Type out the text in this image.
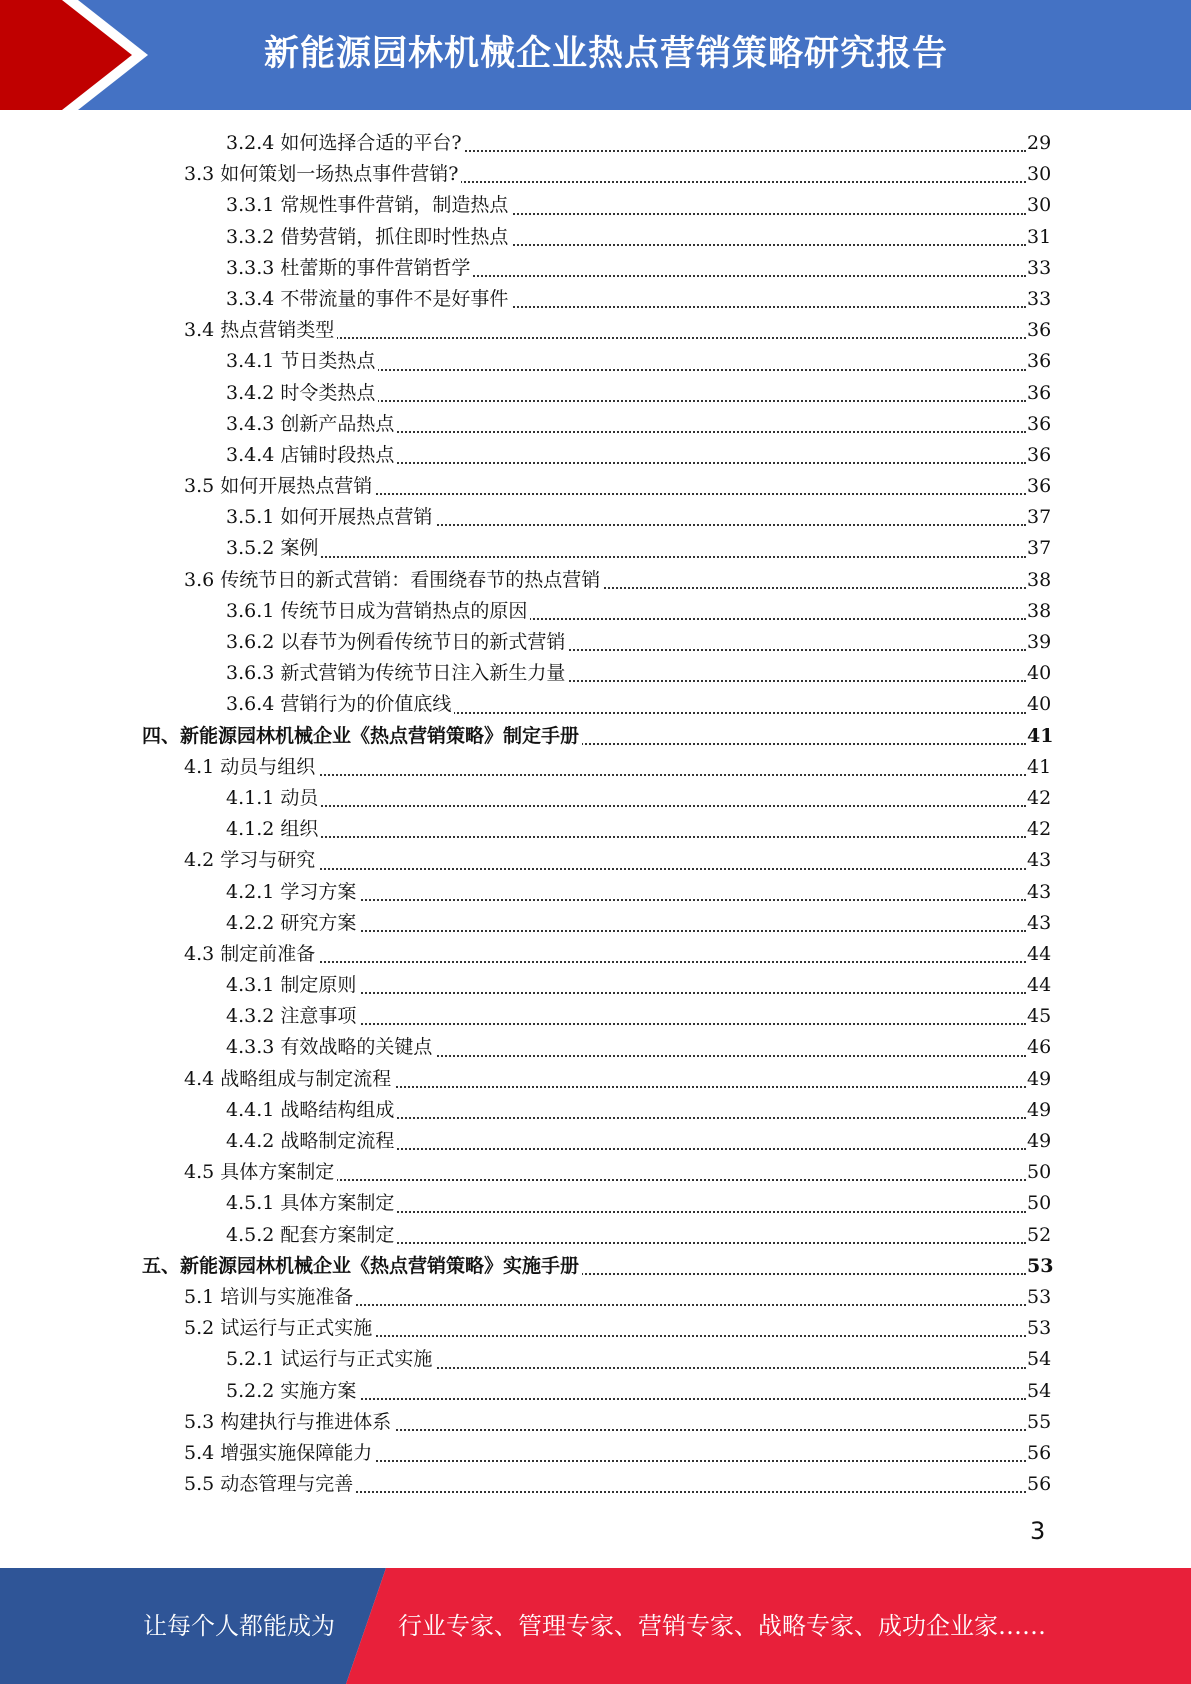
新能源园林机械企业热点营销策略研究报告
3.2.4 如何选择合适的平台?	29
3.3 如何策划一场热点事件营销?	30
3.3.1 常规性事件营销，制造热点	30
3.3.2 借势营销，抓住即时性热点	31
3.3.3 杜蕾斯的事件营销哲学	33
3.3.4 不带流量的事件不是好事件	33
3.4 热点营销类型	36
3.4.1 节日类热点	36
3.4.2 时令类热点	36
3.4.3 创新产品热点	36
3.4.4 店铺时段热点	36
3.5 如何开展热点营销	36
3.5.1 如何开展热点营销	37
3.5.2 案例	37
3.6 传统节日的新式营销：看围绕春节的热点营销	38
3.6.1 传统节日成为营销热点的原因	38
3.6.2 以春节为例看传统节日的新式营销	39
3.6.3 新式营销为传统节日注入新生力量	40
3.6.4 营销行为的价值底线	40
四、新能源园林机械企业《热点营销策略》制定手册	41
4.1 动员与组织	41
4.1.1 动员	42
4.1.2 组织	42
4.2 学习与研究	43
4.2.1 学习方案	43
4.2.2 研究方案	43
4.3 制定前准备	44
4.3.1 制定原则	44
4.3.2 注意事项	45
4.3.3 有效战略的关键点	46
4.4 战略组成与制定流程	49
4.4.1 战略结构组成	49
4.4.2 战略制定流程	49
4.5 具体方案制定	50
4.5.1 具体方案制定	50
4.5.2 配套方案制定	52
五、新能源园林机械企业《热点营销策略》实施手册	53
5.1 培训与实施准备	53
5.2 试运行与正式实施	53
5.2.1 试运行与正式实施	54
5.2.2 实施方案	54
5.3 构建执行与推进体系	55
5.4 增强实施保障能力	56
5.5 动态管理与完善	56
3
让每个人都能成为	行业专家、管理专家、营销专家、战略专家、成功企业家……
